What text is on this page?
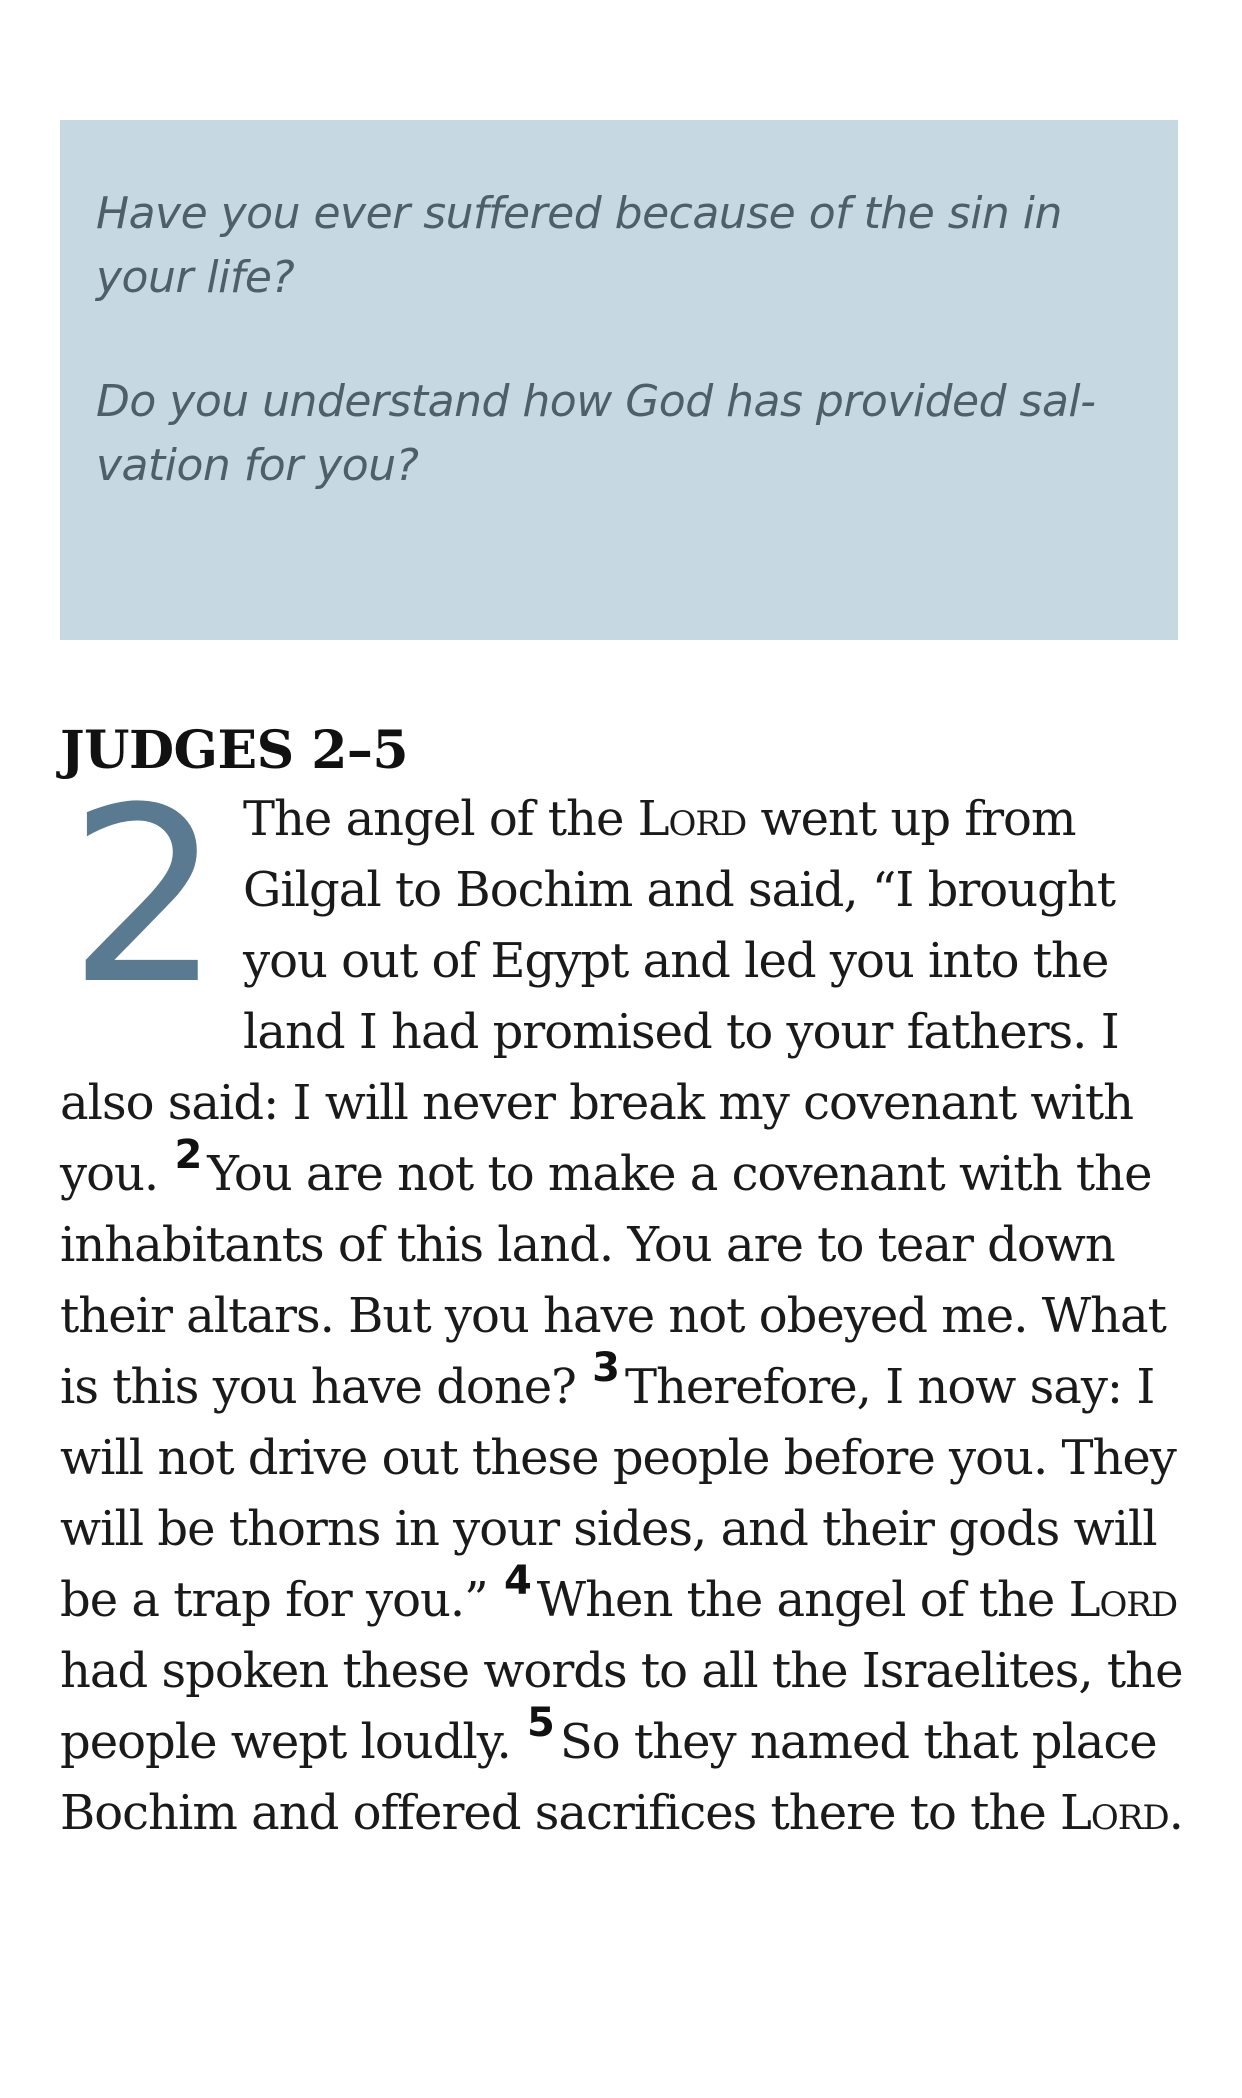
Have you ever suffered because of the sin in your life?

Do you understand how God has provided sal-vation for you?

JUDGES 2–5

2 The angel of the Lord went up from Gilgal to Bochim and said, “I brought you out of Egypt and led you into the land I had promised to your fathers. I also said: I will never break my covenant with you. $^2$ You are not to make a covenant with the inhabitants of this land. You are to tear down their altars. But you have not obeyed me. What is this you have done? $^3$ Therefore, I now say: I will not drive out these people before you. They will be thorns in your sides, and their gods will be a trap for you.” $^4$ When the angel of the Lord had spoken these words to all the Israelites, the people wept loudly. $^5$ So they named that place Bochim and offered sacrifices there to the Lord.
